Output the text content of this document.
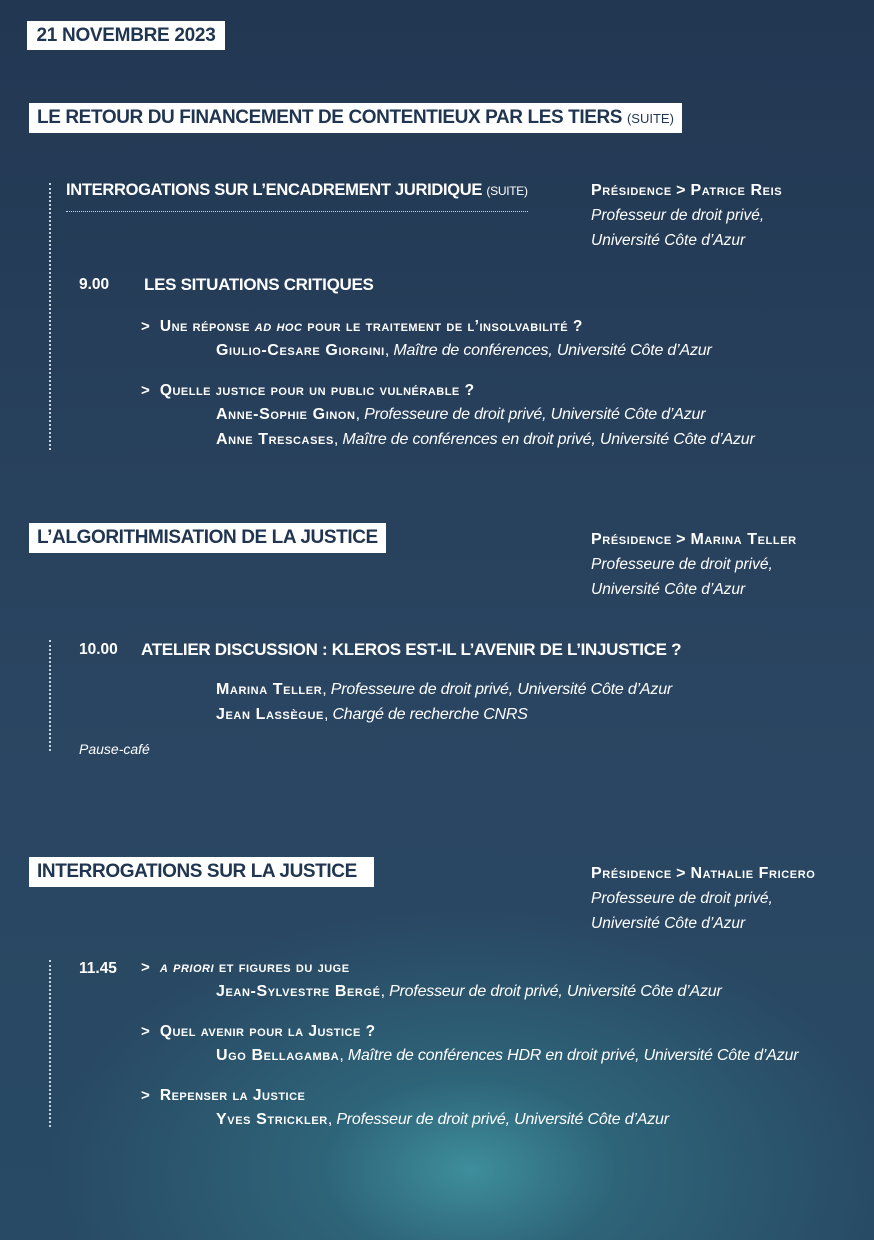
21 NOVEMBRE 2023
LE RETOUR DU FINANCEMENT DE CONTENTIEUX PAR LES TIERS (SUITE)
INTERROGATIONS SUR L’ENCADREMENT JURIDIQUE (SUITE)	Présidence > Patrice Reis
Professeur de droit privé,
Université Côte d’Azur
9.00 LES SITUATIONS CRITIQUES
> Une réponse ad hoc pour le traitement de l’insolvabilité ?
Giulio-Cesare Giorgini, Maître de conférences, Université Côte d’Azur
> Quelle justice pour un public vulnérable ?
Anne-Sophie Ginon, Professeure de droit privé, Université Côte d’Azur
Anne Trescases, Maître de conférences en droit privé, Université Côte d’Azur
L’ALGORITHMISATION DE LA JUSTICE	Présidence > Marina Teller
Professeure de droit privé,
Université Côte d’Azur
10.00 ATELIER DISCUSSION : KLEROS EST-IL L’AVENIR DE L’INJUSTICE ?
Marina Teller, Professeure de droit privé, Université Côte d’Azur
Jean Lassègue, Chargé de recherche CNRS
Pause-café
INTERROGATIONS SUR LA JUSTICE	Présidence > Nathalie Fricero
Professeure de droit privé,
Université Côte d’Azur
11.45 > a priori et figures du juge
Jean-Sylvestre Bergé, Professeur de droit privé, Université Côte d’Azur
> Quel avenir pour la Justice ?
Ugo Bellagamba, Maître de conférences HDR en droit privé, Université Côte d’Azur
> Repenser la Justice
Yves Strickler, Professeur de droit privé, Université Côte d’Azur
